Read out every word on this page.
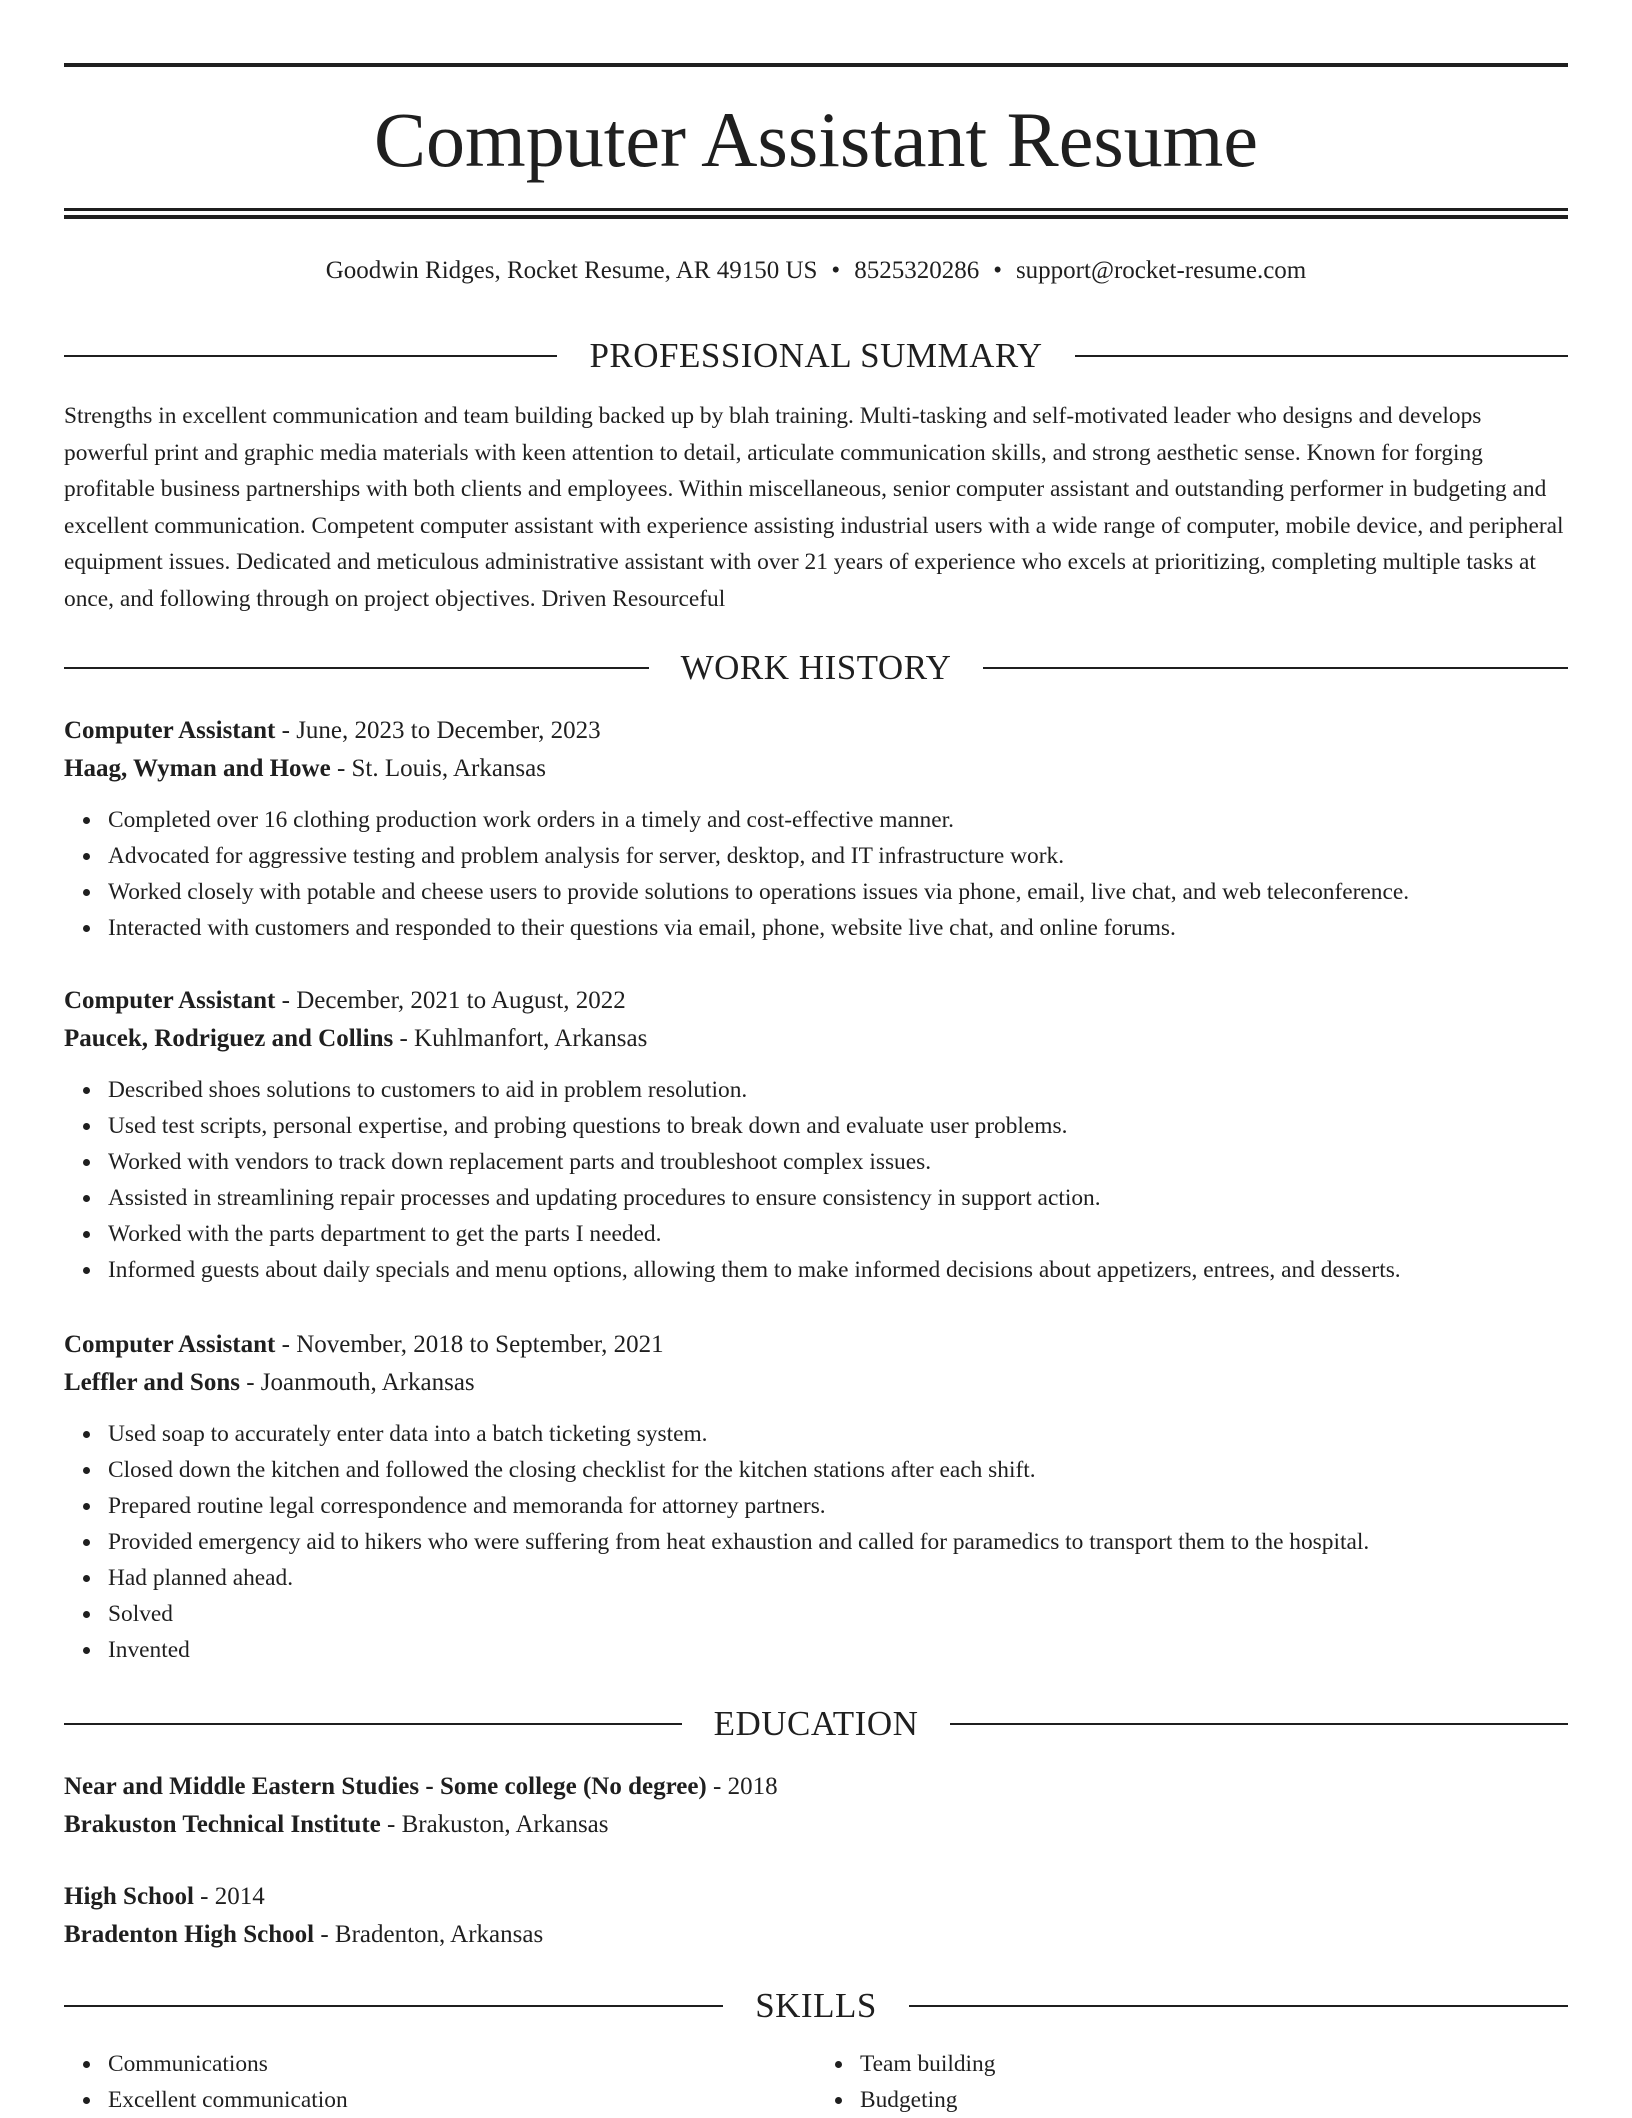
Computer Assistant Resume
Goodwin Ridges, Rocket Resume, AR 49150 US • 8525320286 • support@rocket-resume.com
PROFESSIONAL SUMMARY

Strengths in excellent communication and team building backed up by blah training. Multi-tasking and self-motivated leader who designs and develops powerful print and graphic media materials with keen attention to detail, articulate communication skills, and strong aesthetic sense. Known for forging profitable business partnerships with both clients and employees. Within miscellaneous, senior computer assistant and outstanding performer in budgeting and excellent communication. Competent computer assistant with experience assisting industrial users with a wide range of computer, mobile device, and peripheral equipment issues. Dedicated and meticulous administrative assistant with over 21 years of experience who excels at prioritizing, completing multiple tasks at once, and following through on project objectives. Driven Resourceful

WORK HISTORY
Computer Assistant - June, 2023 to December, 2023
Haag, Wyman and Howe - St. Louis, Arkansas
Completed over 16 clothing production work orders in a timely and cost-effective manner.
Advocated for aggressive testing and problem analysis for server, desktop, and IT infrastructure work.
Worked closely with potable and cheese users to provide solutions to operations issues via phone, email, live chat, and web teleconference.
Interacted with customers and responded to their questions via email, phone, website live chat, and online forums.
Computer Assistant - December, 2021 to August, 2022
Paucek, Rodriguez and Collins - Kuhlmanfort, Arkansas
Described shoes solutions to customers to aid in problem resolution.
Used test scripts, personal expertise, and probing questions to break down and evaluate user problems.
Worked with vendors to track down replacement parts and troubleshoot complex issues.
Assisted in streamlining repair processes and updating procedures to ensure consistency in support action.
Worked with the parts department to get the parts I needed.
Informed guests about daily specials and menu options, allowing them to make informed decisions about appetizers, entrees, and desserts.
Computer Assistant - November, 2018 to September, 2021
Leffler and Sons - Joanmouth, Arkansas
Used soap to accurately enter data into a batch ticketing system.
Closed down the kitchen and followed the closing checklist for the kitchen stations after each shift.
Prepared routine legal correspondence and memoranda for attorney partners.
Provided emergency aid to hikers who were suffering from heat exhaustion and called for paramedics to transport them to the hospital.
Had planned ahead.
Solved
Invented
EDUCATION
Near and Middle Eastern Studies - Some college (No degree) - 2018
Brakuston Technical Institute - Brakuston, Arkansas
High School - 2014
Bradenton High School - Bradenton, Arkansas
SKILLS
Communications
Excellent communication
Team building
Budgeting
